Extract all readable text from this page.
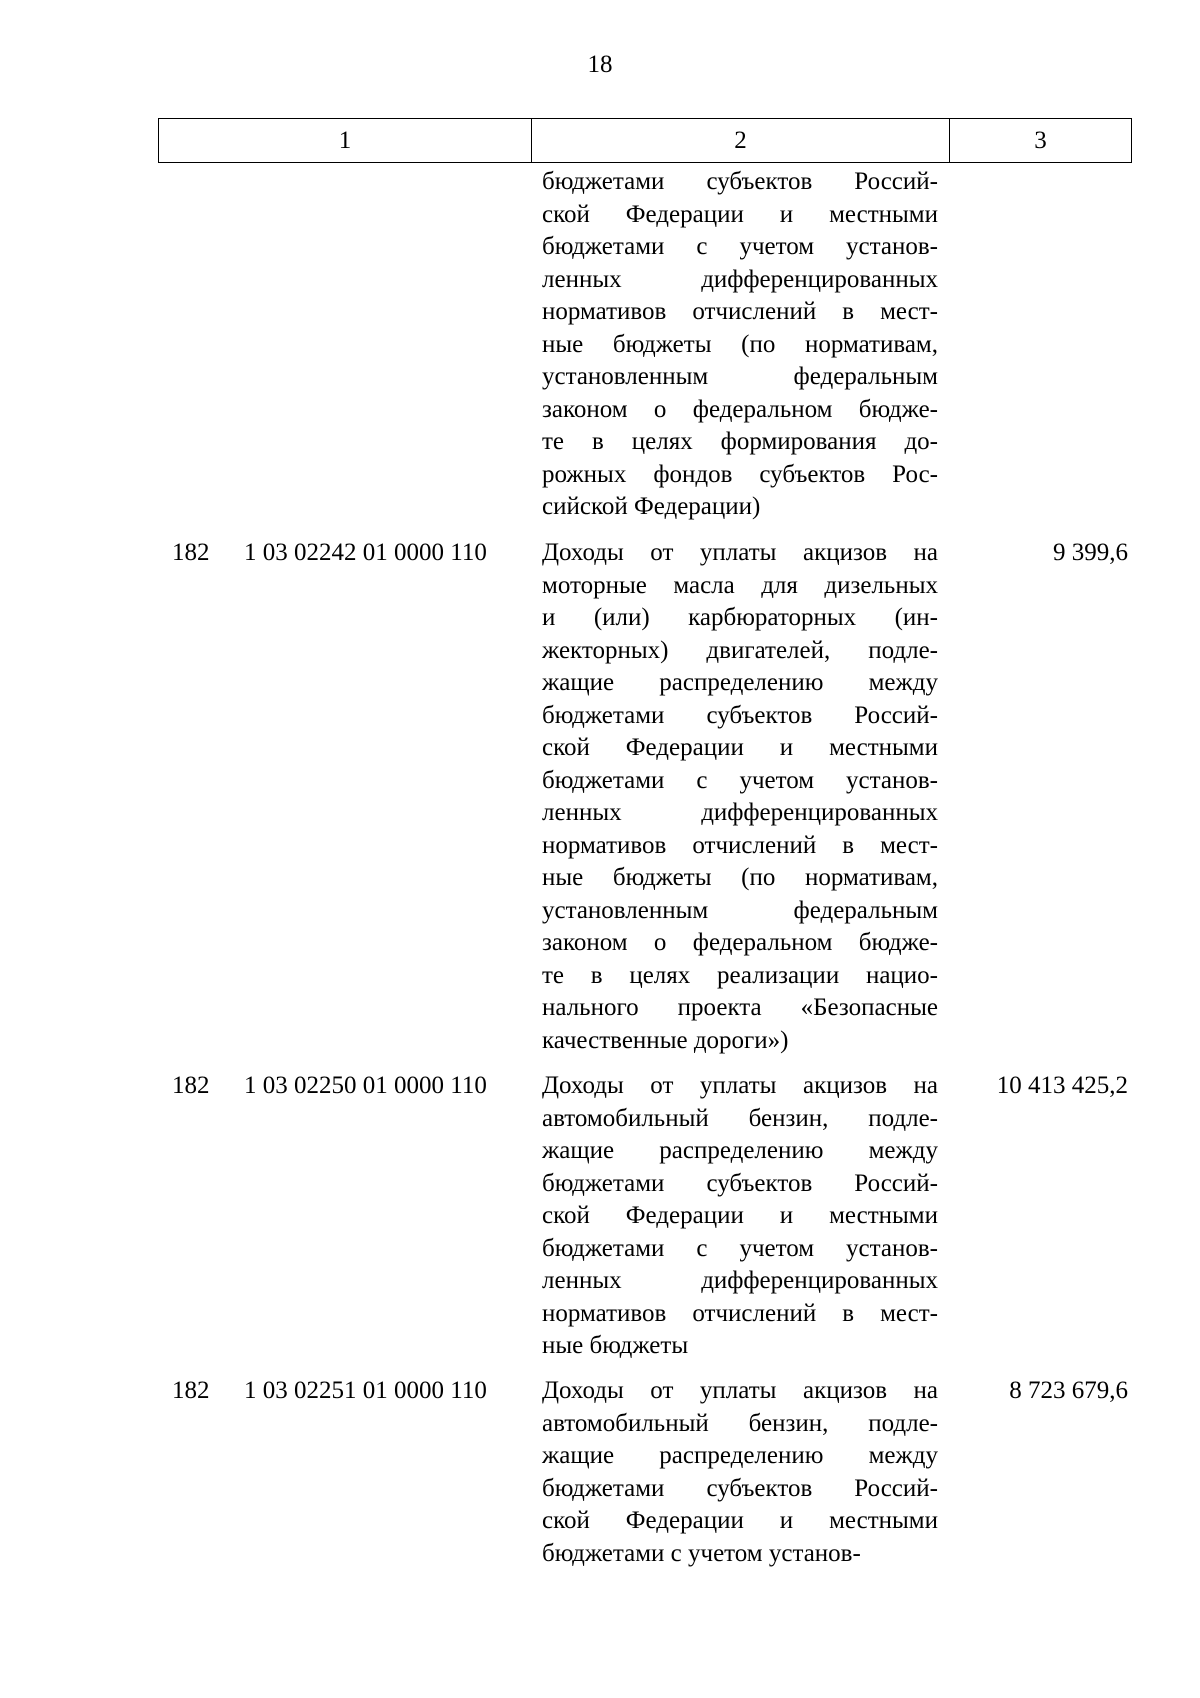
18
1	2	3
бюджетами субъектов Россий-
ской Федерации и местными
бюджетами с учетом установ-
ленных дифференцированных
нормативов отчислений в мест-
ные бюджеты (по нормативам,
установленным федеральным
законом о федеральном бюдже-
те в целях формирования до-
рожных фондов субъектов Рос-
сийской Федерации)
182 1 03 02242 01 0000 110 Доходы от уплаты акцизов на
моторные масла для дизельных
и (или) карбюраторных (ин-
жекторных) двигателей, подле-
жащие распределению между
бюджетами субъектов Россий-
ской Федерации и местными
бюджетами с учетом установ-
ленных дифференцированных
нормативов отчислений в мест-
ные бюджеты (по нормативам,
установленным федеральным
законом о федеральном бюдже-
те в целях реализации нацио-
нального проекта «Безопасные
качественные дороги»)
9 399,6
182 1 03 02250 01 0000 110 Доходы от уплаты акцизов на
автомобильный бензин, подле-
жащие распределению между
бюджетами субъектов Россий-
ской Федерации и местными
бюджетами с учетом установ-
ленных дифференцированных
нормативов отчислений в мест-
ные бюджеты
10 413 425,2
182 1 03 02251 01 0000 110 Доходы от уплаты акцизов на
автомобильный бензин, подле-
жащие распределению между
бюджетами субъектов Россий-
ской Федерации и местными
бюджетами с учетом установ-
8 723 679,6
